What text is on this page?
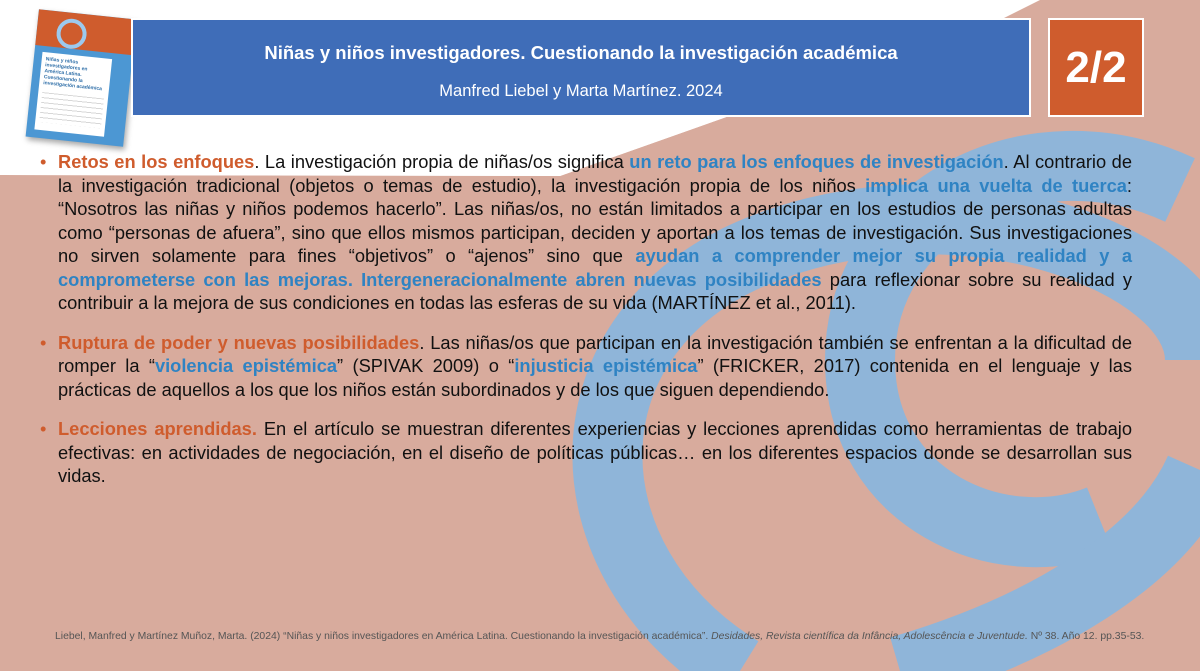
Niñas y niños investigadores en América Latina. Cuestionando la investigación académica
Niñas y niños investigadores. Cuestionando la investigación académica
Manfred Liebel y Marta Martínez. 2024	2/2
• Retos en los enfoques. La investigación propia de niñas/os significa un reto para los enfoques de investigación. Al contrario de la investigación tradicional (objetos o temas de estudio), la investigación propia de los niños implica una vuelta de tuerca: “Nosotros las niñas y niños podemos hacerlo”. Las niñas/os, no están limitados a participar en los estudios de personas adultas como “personas de afuera”, sino que ellos mismos participan, deciden y aportan a los temas de investigación. Sus investigaciones no sirven solamente para fines “objetivos” o “ajenos” sino que ayudan a comprender mejor su propia realidad y a comprometerse con las mejoras. Intergeneracionalmente abren nuevas posibilidades para reflexionar sobre su realidad y contribuir a la mejora de sus condiciones en todas las esferas de su vida (MARTÍNEZ et al., 2011).
• Ruptura de poder y nuevas posibilidades. Las niñas/os que participan en la investigación también se enfrentan a la dificultad de romper la “violencia epistémica” (SPIVAK 2009) o “injusticia epistémica” (FRICKER, 2017) contenida en el lenguaje y las prácticas de aquellos a los que los niños están subordinados y de los que siguen dependiendo.
• Lecciones aprendidas. En el artículo se muestran diferentes experiencias y lecciones aprendidas como herramientas de trabajo efectivas: en actividades de negociación, en el diseño de políticas públicas… en los diferentes espacios donde se desarrollan sus vidas.
Liebel, Manfred y Martínez Muñoz, Marta. (2024) “Niñas y niños investigadores en América Latina. Cuestionando la investigación académica”. Desidades, Revista científica da Infância, Adolescência e Juventude. Nº 38. Año 12. pp.35-53.
